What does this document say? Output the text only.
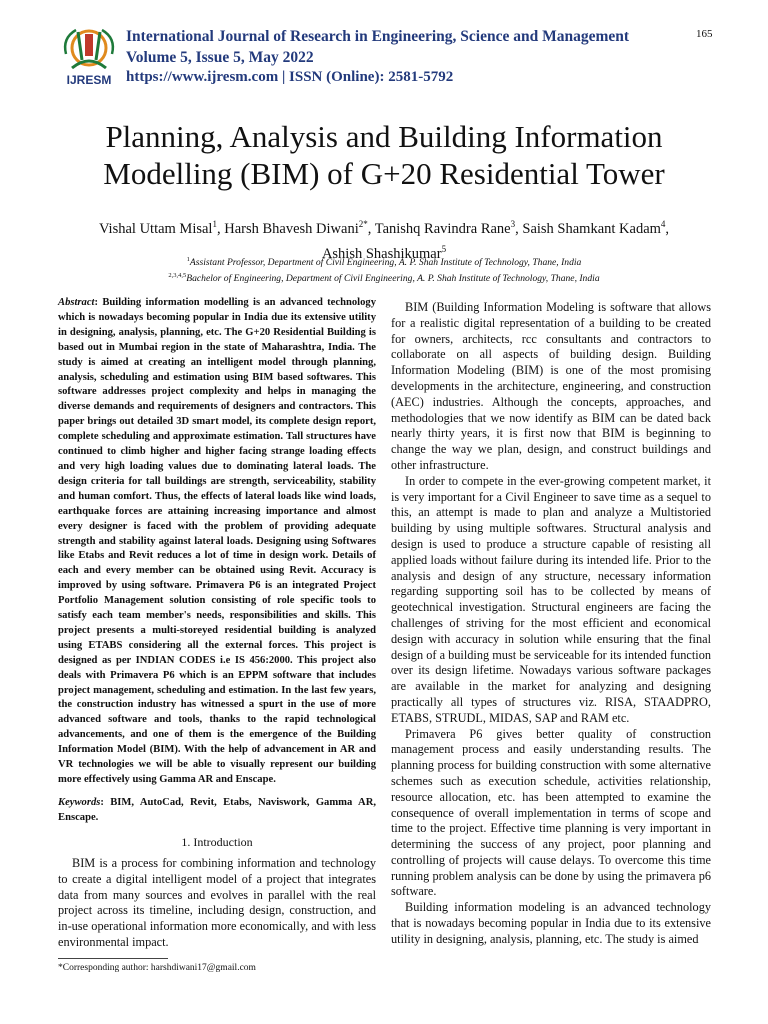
IJRESM
International Journal of Research in Engineering, Science and Management
Volume 5, Issue 5, May 2022
https://www.ijresm.com | ISSN (Online): 2581-5792
165
Planning, Analysis and Building Information
Modelling (BIM) of G+20 Residential Tower
Vishal Uttam Misal$^1$, Harsh Bhavesh Diwani$^{2*}$, Tanishq Ravindra Rane$^3$, Saish Shamkant Kadam$^4$,
Ashish Shashikumar$^5$
$^1$Assistant Professor, Department of Civil Engineering, A. P. Shah Institute of Technology, Thane, India
$^{2,3,4,5}$Bachelor of Engineering, Department of Civil Engineering, A. P. Shah Institute of Technology, Thane, India
Abstract: Building information modelling is an advanced technology which is nowadays becoming popular in India due its extensive utility in designing, analysis, planning, etc. The G+20 Residential Building is based out in Mumbai region in the state of Maharashtra, India. The study is aimed at creating an intelligent model through planning, analysis, scheduling and estimation using BIM based softwares. This software addresses project complexity and helps in managing the diverse demands and requirements of designers and contractors. This paper brings out detailed 3D smart model, its complete design report, complete scheduling and approximate estimation. Tall structures have continued to climb higher and higher facing strange loading effects and very high loading values due to dominating lateral loads. The design criteria for tall buildings are strength, serviceability, stability and human comfort. Thus, the effects of lateral loads like wind loads, earthquake forces are attaining increasing importance and almost every designer is faced with the problem of providing adequate strength and stability against lateral loads. Designing using Softwares like Etabs and Revit reduces a lot of time in design work. Details of each and every member can be obtained using Revit. Accuracy is improved by using software. Primavera P6 is an integrated Project Portfolio Management solution consisting of role specific tools to satisfy each team member's needs, responsibilities and skills. This project presents a multi-storeyed residential building is analyzed using ETABS considering all the external forces. This project is designed as per INDIAN CODES i.e IS 456:2000. This project also deals with Primavera P6 which is an EPPM software that includes project management, scheduling and estimation. In the last few years, the construction industry has witnessed a spurt in the use of more advanced software and tools, thanks to the rapid technological advancements, and one of them is the emergence of the Building Information Model (BIM). With the help of advancement in AR and VR technologies we will be able to visually represent our building more effectively using Gamma AR and Enscape.
Keywords: BIM, AutoCad, Revit, Etabs, Naviswork, Gamma AR, Enscape.
1. Introduction
BIM is a process for combining information and technology to create a digital intelligent model of a project that integrates data from many sources and evolves in parallel with the real project across its timeline, including design, construction, and in-use operational information more economically, and with less environmental impact.
*Corresponding author: harshdiwani17@gmail.com

BIM (Building Information Modeling is software that allows for a realistic digital representation of a building to be created for owners, architects, rcc consultants and contractors to collaborate on all aspects of building design. Building Information Modeling (BIM) is one of the most promising developments in the architecture, engineering, and construction (AEC) industries. Although the concepts, approaches, and methodologies that we now identify as BIM can be dated back nearly thirty years, it is first now that BIM is beginning to change the way we plan, design, and construct buildings and other infrastructure.

In order to compete in the ever-growing competent market, it is very important for a Civil Engineer to save time as a sequel to this, an attempt is made to plan and analyze a Multistoried building by using multiple softwares. Structural analysis and design is used to produce a structure capable of resisting all applied loads without failure during its intended life. Prior to the analysis and design of any structure, necessary information regarding supporting soil has to be collected by means of geotechnical investigation. Structural engineers are facing the challenges of striving for the most efficient and economical design with accuracy in solution while ensuring that the final design of a building must be serviceable for its intended function over its design lifetime. Nowadays various software packages are available in the market for analyzing and designing practically all types of structures viz. RISA, STAADPRO, ETABS, STRUDL, MIDAS, SAP and RAM etc.

Primavera P6 gives better quality of construction management process and easily understanding results. The planning process for building construction with some alternative schemes such as execution schedule, activities relationship, resource allocation, etc. has been attempted to examine the consequence of overall implementation in terms of scope and time to the project. Effective time planning is very important in determining the success of any project, poor planning and controlling of projects will cause delays. To overcome this time running problem analysis can be done by using the primavera p6 software.

Building information modeling is an advanced technology that is nowadays becoming popular in India due to its extensive utility in designing, analysis, planning, etc. The study is aimed
